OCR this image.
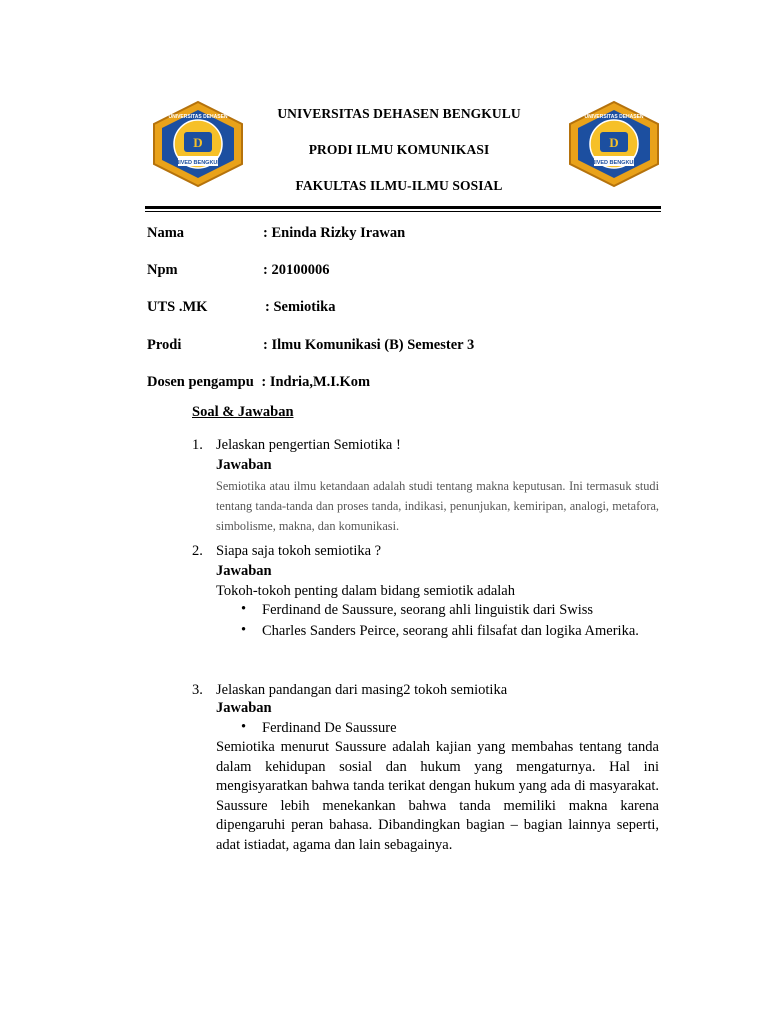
D
UNIVED BENGKULU
UNIVERSITAS DEHASEN
D
UNIVED BENGKULU
UNIVERSITAS DEHASEN
UNIVERSITAS DEHASEN BENGKULU
PRODI ILMU KOMUNIKASI
FAKULTAS ILMU-ILMU SOSIAL
Nama	: Eninda Rizky Irawan
Npm	: 20100006
UTS .MK	: Semiotika
Prodi	: Ilmu Komunikasi (B) Semester 3
Dosen pengampu : Indria,M.I.Kom
Soal & Jawaban
1. Jelaskan pengertian Semiotika !
Jawaban
Semiotika atau ilmu ketandaan adalah studi tentang makna keputusan. Ini termasuk studi tentang tanda-tanda dan proses tanda, indikasi, penunjukan, kemiripan, analogi, metafora, simbolisme, makna, dan komunikasi.
2. Siapa saja tokoh semiotika ?
Jawaban
Tokoh-tokoh penting dalam bidang semiotik adalah
• Ferdinand de Saussure, seorang ahli linguistik dari Swiss
• Charles Sanders Peirce, seorang ahli filsafat dan logika Amerika.
3. Jelaskan pandangan dari masing2 tokoh semiotika
Jawaban
• Ferdinand De Saussure
Semiotika menurut Saussure adalah kajian yang membahas tentang tanda dalam kehidupan sosial dan hukum yang mengaturnya. Hal ini mengisyaratkan bahwa tanda terikat dengan hukum yang ada di masyarakat. Saussure lebih menekankan bahwa tanda memiliki makna karena dipengaruhi peran bahasa. Dibandingkan bagian – bagian lainnya seperti, adat istiadat, agama dan lain sebagainya.
